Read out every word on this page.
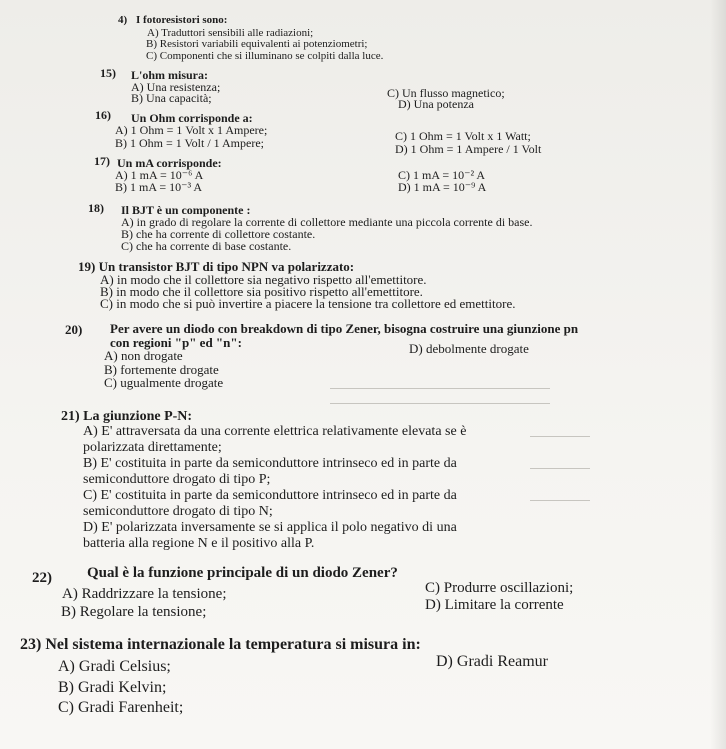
4) I fotoresistori sono:
A) Traduttori sensibili alle radiazioni;
B) Resistori variabili equivalenti ai potenziometri;
C) Componenti che si illuminano se colpiti dalla luce.
15) L'ohm misura:
A) Una resistenza;
B) Una capacità;	C) Un flusso magnetico;
D) Una potenza
16) Un Ohm corrisponde a:
A) 1 Ohm = 1 Volt x 1 Ampere;
B) 1 Ohm = 1 Volt / 1 Ampere;	C) 1 Ohm = 1 Volt x 1 Watt;
D) 1 Ohm = 1 Ampere / 1 Volt
17) Un mA corrisponde:
A) 1 mA = 10⁻⁶ A
B) 1 mA = 10⁻³ A
C) 1 mA = 10⁻² A
D) 1 mA = 10⁻⁹ A
18) Il BJT è un componente :
A) in grado di regolare la corrente di collettore mediante una piccola corrente di base.
B) che ha corrente di collettore costante.
C) che ha corrente di base costante.
19) Un transistor BJT di tipo NPN va polarizzato:
A) in modo che il collettore sia negativo rispetto all'emettitore.
B) in modo che il collettore sia positivo rispetto all'emettitore.
C) in modo che si può invertire a piacere la tensione tra collettore ed emettitore.
20) Per avere un diodo con breakdown di tipo Zener, bisogna costruire una giunzione pn
con regioni "p" ed "n":
A) non drogate
B) fortemente drogate
C) ugualmente drogate
D) debolmente drogate
21) La giunzione P-N:
A) E' attraversata da una corrente elettrica relativamente elevata se è
polarizzata direttamente;
B) E' costituita in parte da semiconduttore intrinseco ed in parte da
semiconduttore drogato di tipo P;
C) E' costituita in parte da semiconduttore intrinseco ed in parte da
semiconduttore drogato di tipo N;
D) E' polarizzata inversamente se si applica il polo negativo di una
batteria alla regione N e il positivo alla P.
22) Qual è la funzione principale di un diodo Zener?
A) Raddrizzare la tensione;
B) Regolare la tensione;
C) Produrre oscillazioni;
D) Limitare la corrente
23) Nel sistema internazionale la temperatura si misura in:
A) Gradi Celsius;
B) Gradi Kelvin;
C) Gradi Farenheit;
D) Gradi Reamur
